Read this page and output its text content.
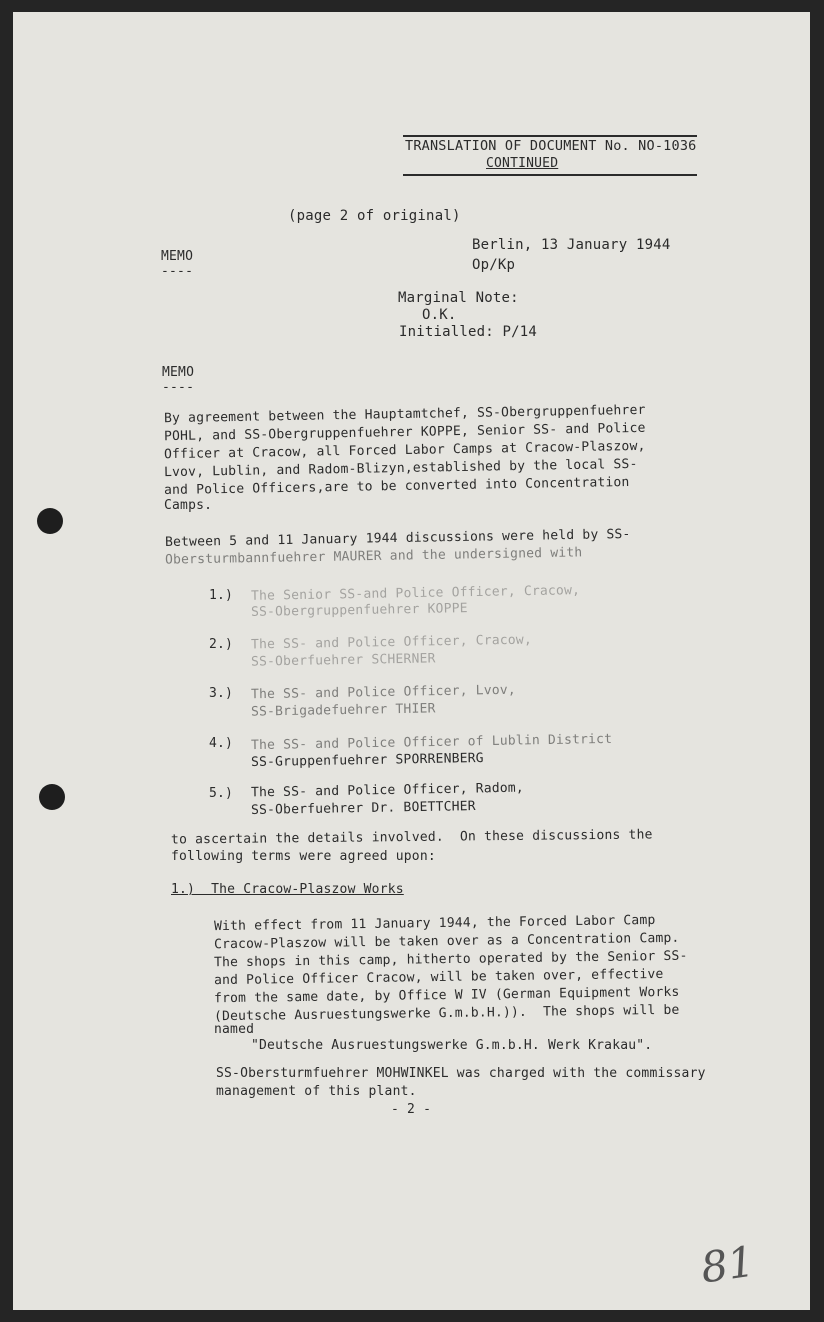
TRANSLATION OF DOCUMENT No. NO-1036
CONTINUED
(page 2 of original)
MEMO
----
Berlin, 13 January 1944
Op/Kp
Marginal Note:
O.K.
Initialled: P/14
MEMO
----
By agreement between the Hauptamtchef, SS-Obergruppenfuehrer
POHL, and SS-Obergruppenfuehrer KOPPE, Senior SS- and Police
Officer at Cracow, all Forced Labor Camps at Cracow-Plaszow,
Lvov, Lublin, and Radom-Blizyn,established by the local SS-
and Police Officers,are to be converted into Concentration
Camps.
Between 5 and 11 January 1944 discussions were held by SS-
Obersturmbannfuehrer MAURER and the undersigned with
1.) The Senior SS-and Police Officer, Cracow,
SS-Obergruppenfuehrer KOPPE
2.) The SS- and Police Officer, Cracow,
SS-Oberfuehrer SCHERNER
3.) The SS- and Police Officer, Lvov,
SS-Brigadefuehrer THIER
4.) The SS- and Police Officer of Lublin District
SS-Gruppenfuehrer SPORRENBERG
5.) The SS- and Police Officer, Radom,
SS-Oberfuehrer Dr. BOETTCHER
to ascertain the details involved.  On these discussions the
following terms were agreed upon:
1.)  The Cracow-Plaszow Works
With effect from 11 January 1944, the Forced Labor Camp
Cracow-Plaszow will be taken over as a Concentration Camp.
The shops in this camp, hitherto operated by the Senior SS-
and Police Officer Cracow, will be taken over, effective
from the same date, by Office W IV (German Equipment Works
(Deutsche Ausruestungswerke G.m.b.H.)).  The shops will be
named
"Deutsche Ausruestungswerke G.m.b.H. Werk Krakau".
SS-Obersturmfuehrer MOHWINKEL was charged with the commissary
management of this plant.
- 2 -
81
